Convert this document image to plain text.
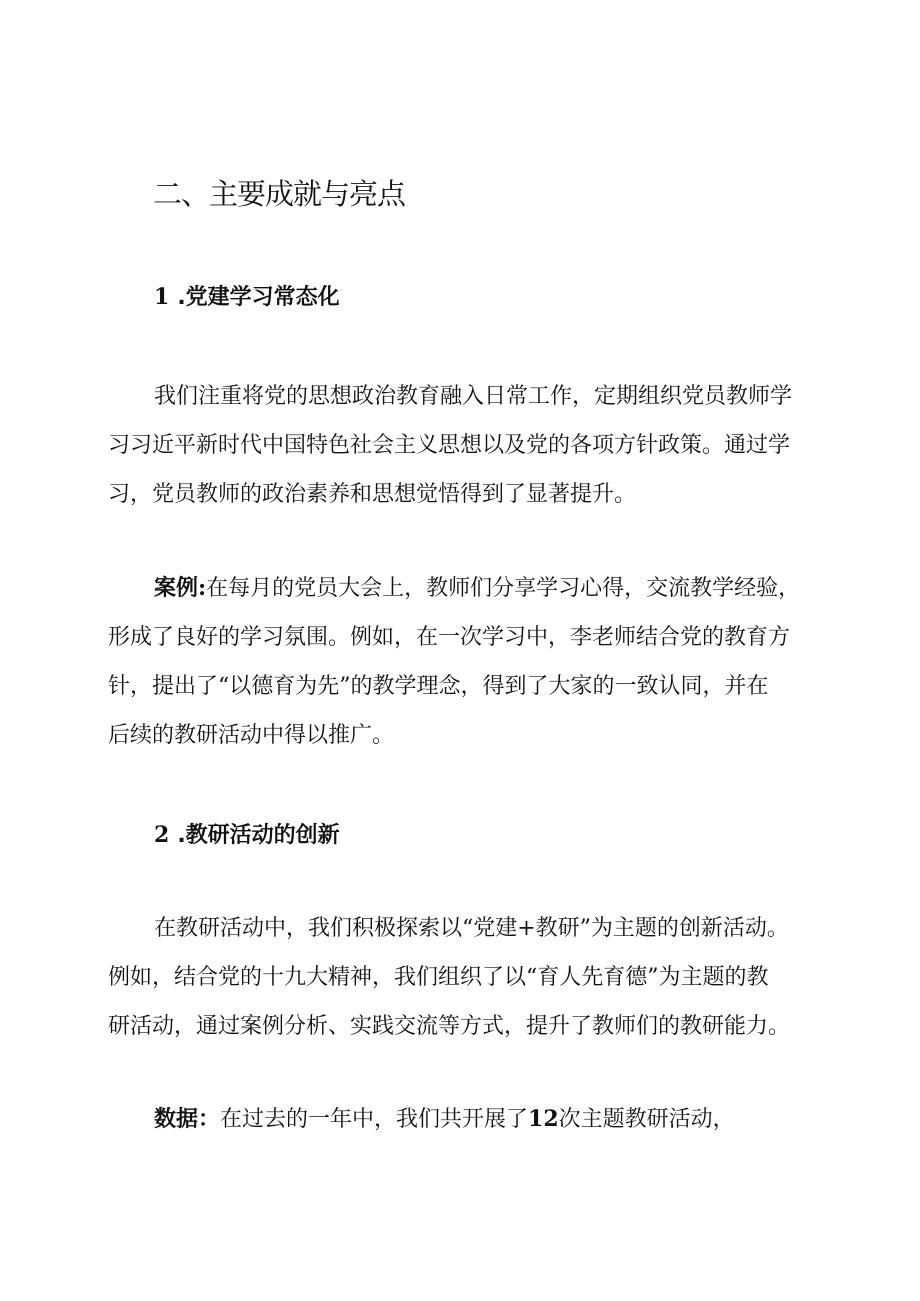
二、主要成就与亮点
1 .党建学习常态化
我们注重将党的思想政治教育融入日常工作，定期组织党员教师学
习习近平新时代中国特色社会主义思想以及党的各项方针政策。通过学
习，党员教师的政治素养和思想觉悟得到了显著提升。
案例:在每月的党员大会上，教师们分享学习心得，交流教学经验，
形成了良好的学习氛围。例如，在一次学习中，李老师结合党的教育方
针，提出了“以德育为先”的教学理念，得到了大家的一致认同，并在
后续的教研活动中得以推广。
2 .教研活动的创新
在教研活动中，我们积极探索以“党建+教研”为主题的创新活动。
例如，结合党的十九大精神，我们组织了以“育人先育德”为主题的教
研活动，通过案例分析、实践交流等方式，提升了教师们的教研能力。
数据：在过去的一年中，我们共开展了12次主题教研活动，
